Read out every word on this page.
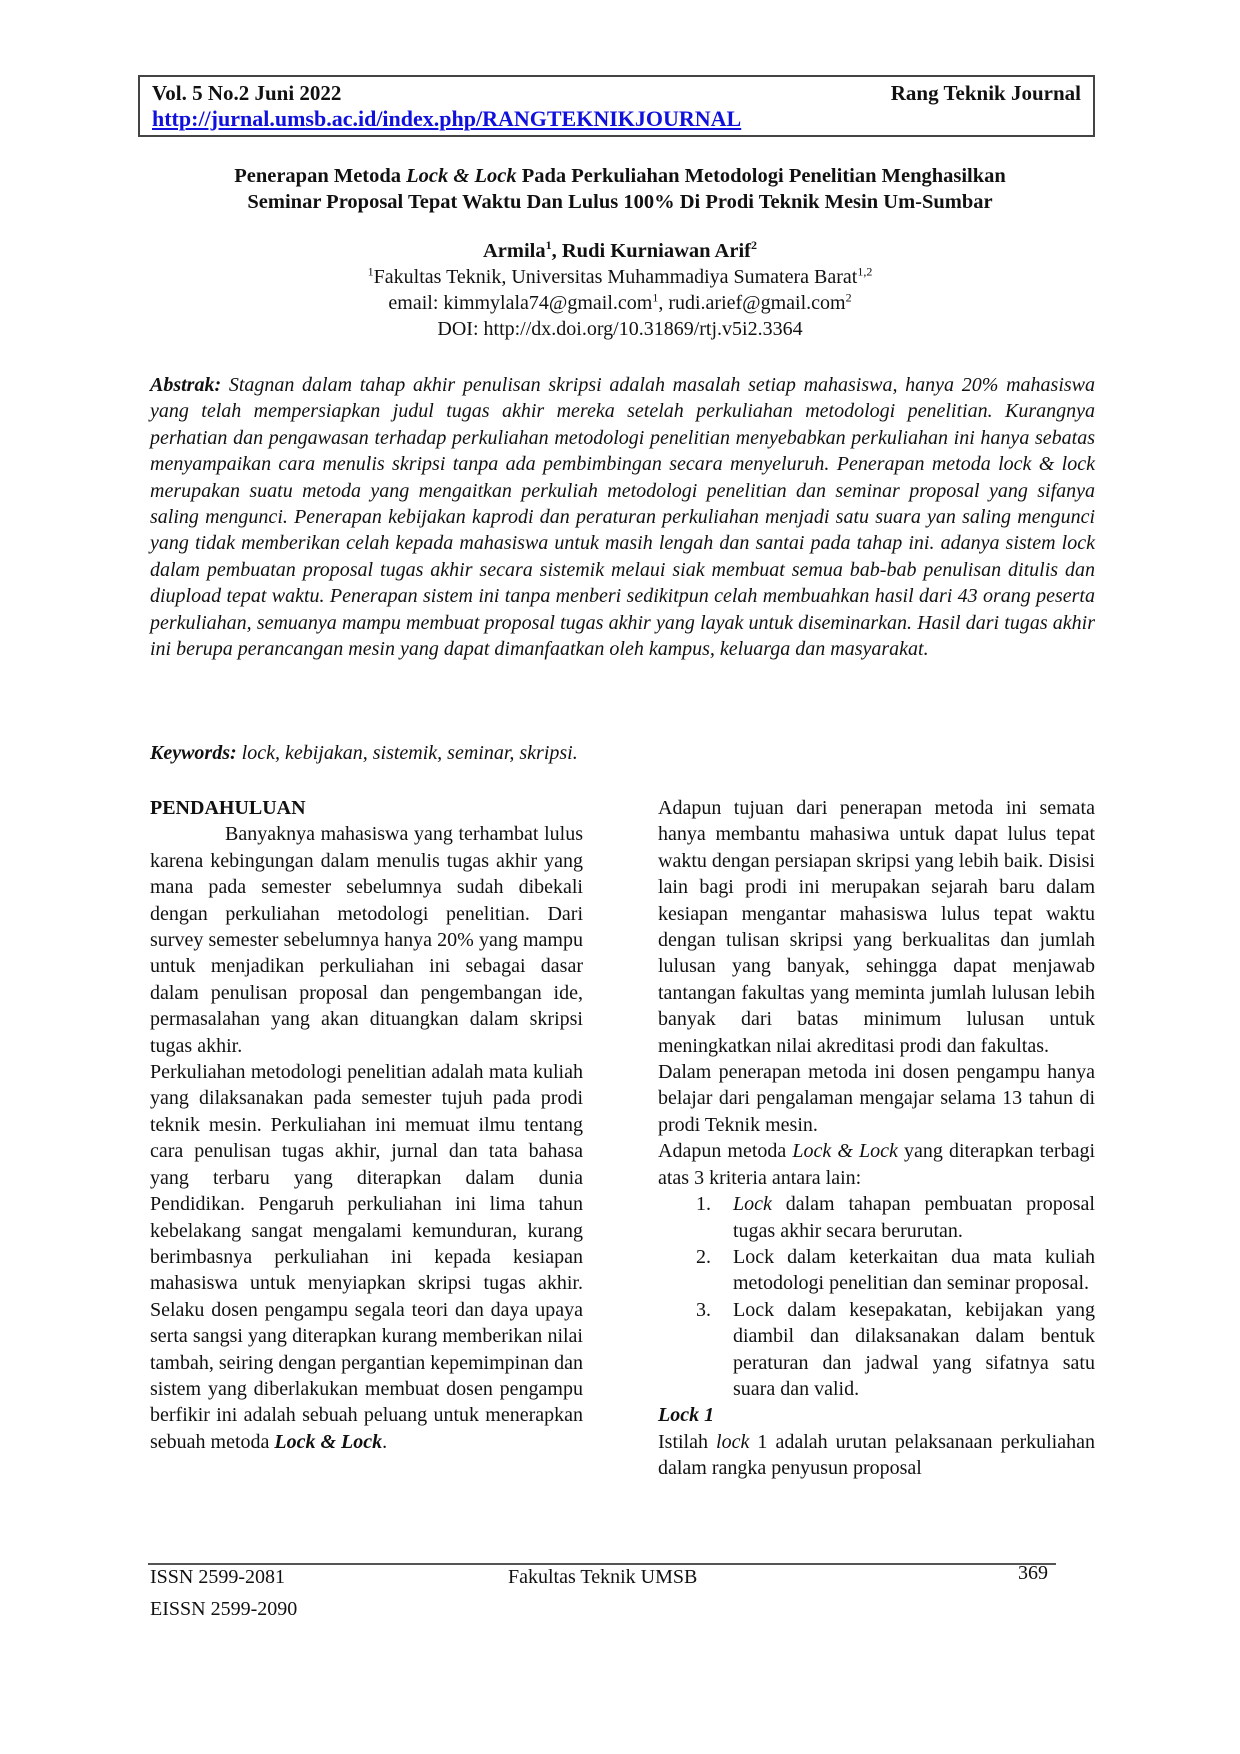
Vol. 5 No.2 Juni 2022	Rang Teknik Journal
http://jurnal.umsb.ac.id/index.php/RANGTEKNIKJOURNAL
Penerapan Metoda Lock & Lock Pada Perkuliahan Metodologi Penelitian Menghasilkan
Seminar Proposal Tepat Waktu Dan Lulus 100% Di Prodi Teknik Mesin Um-Sumbar
Armila$^1$, Rudi Kurniawan Arif$^2$
$^1$Fakultas Teknik, Universitas Muhammadiya Sumatera Barat$^{1,2}$
email: kimmylala74@gmail.com$^1$, rudi.arief@gmail.com$^2$
DOI: http://dx.doi.org/10.31869/rtj.v5i2.3364
Abstrak: Stagnan dalam tahap akhir penulisan skripsi adalah masalah setiap mahasiswa, hanya 20% mahasiswa yang telah mempersiapkan judul tugas akhir mereka setelah perkuliahan metodologi penelitian. Kurangnya perhatian dan pengawasan terhadap perkuliahan metodologi penelitian menyebabkan perkuliahan ini hanya sebatas menyampaikan cara menulis skripsi tanpa ada pembimbingan secara menyeluruh. Penerapan metoda lock & lock merupakan suatu metoda yang mengaitkan perkuliah metodologi penelitian dan seminar proposal yang sifanya saling mengunci. Penerapan kebijakan kaprodi dan peraturan perkuliahan menjadi satu suara yan saling mengunci yang tidak memberikan celah kepada mahasiswa untuk masih lengah dan santai pada tahap ini. adanya sistem lock dalam pembuatan proposal tugas akhir secara sistemik melaui siak membuat semua bab-bab penulisan ditulis dan diupload tepat waktu. Penerapan sistem ini tanpa menberi sedikitpun celah membuahkan hasil dari 43 orang peserta perkuliahan, semuanya mampu membuat proposal tugas akhir yang layak untuk diseminarkan. Hasil dari tugas akhir ini berupa perancangan mesin yang dapat dimanfaatkan oleh kampus, keluarga dan masyarakat.
Keywords: lock, kebijakan, sistemik, seminar, skripsi.
PENDAHULUAN

Banyaknya mahasiswa yang terhambat lulus karena kebingungan dalam menulis tugas akhir yang mana pada semester sebelumnya sudah dibekali dengan perkuliahan metodologi penelitian. Dari survey semester sebelumnya hanya 20% yang mampu untuk menjadikan perkuliahan ini sebagai dasar dalam penulisan proposal dan pengembangan ide, permasalahan yang akan dituangkan dalam skripsi tugas akhir.

Perkuliahan metodologi penelitian adalah mata kuliah yang dilaksanakan pada semester tujuh pada prodi teknik mesin. Perkuliahan ini memuat ilmu tentang cara penulisan tugas akhir, jurnal dan tata bahasa yang terbaru yang diterapkan dalam dunia Pendidikan. Pengaruh perkuliahan ini lima tahun kebelakang sangat mengalami kemunduran, kurang berimbasnya perkuliahan ini kepada kesiapan mahasiswa untuk menyiapkan skripsi tugas akhir. Selaku dosen pengampu segala teori dan daya upaya serta sangsi yang diterapkan kurang memberikan nilai tambah, seiring dengan pergantian kepemimpinan dan sistem yang diberlakukan membuat dosen pengampu berfikir ini adalah sebuah peluang untuk menerapkan sebuah metoda Lock & Lock.

Adapun tujuan dari penerapan metoda ini semata hanya membantu mahasiwa untuk dapat lulus tepat waktu dengan persiapan skripsi yang lebih baik. Disisi lain bagi prodi ini merupakan sejarah baru dalam kesiapan mengantar mahasiswa lulus tepat waktu dengan tulisan skripsi yang berkualitas dan jumlah lulusan yang banyak, sehingga dapat menjawab tantangan fakultas yang meminta jumlah lulusan lebih banyak dari batas minimum lulusan untuk meningkatkan nilai akreditasi prodi dan fakultas.

Dalam penerapan metoda ini dosen pengampu hanya belajar dari pengalaman mengajar selama 13 tahun di prodi Teknik mesin.

Adapun metoda Lock & Lock yang diterapkan terbagi atas 3 kriteria antara lain:

1. Lock dalam tahapan pembuatan proposal tugas akhir secara berurutan.
2. Lock dalam keterkaitan dua mata kuliah metodologi penelitian dan seminar proposal.
3. Lock dalam kesepakatan, kebijakan yang diambil dan dilaksanakan dalam bentuk peraturan dan jadwal yang sifatnya satu suara dan valid.
Lock 1

Istilah lock 1 adalah urutan pelaksanaan perkuliahan dalam rangka penyusun proposal

ISSN 2599-2081
EISSN 2599-2090
Fakultas Teknik UMSB	369
